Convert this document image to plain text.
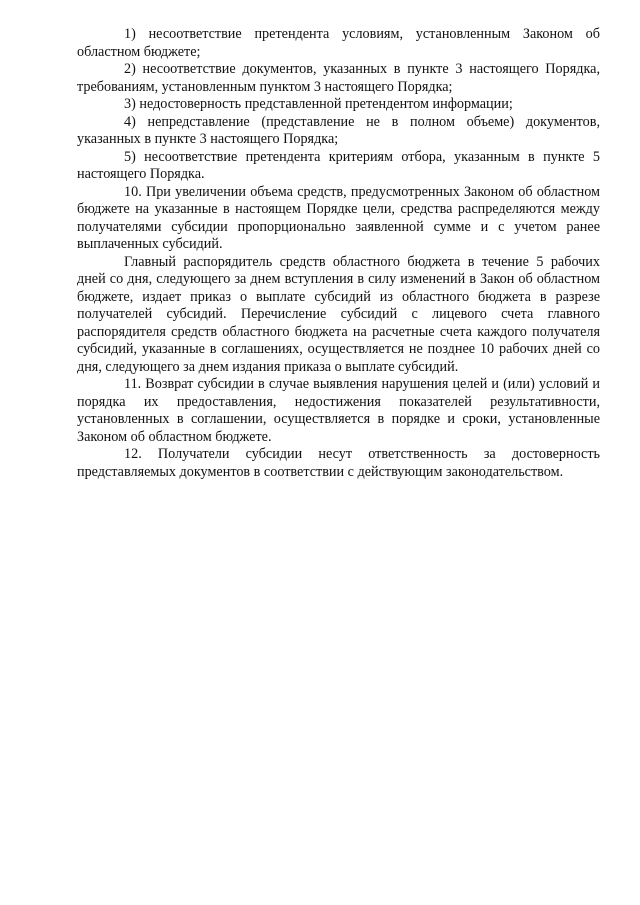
1) несоответствие претендента условиям, установленным Законом об областном бюджете;

2) несоответствие документов, указанных в пункте 3 настоящего Порядка, требованиям, установленным пунктом 3 настоящего Порядка;

3) недостоверность представленной претендентом информации;

4) непредставление (представление не в полном объеме) документов, указанных в пункте 3 настоящего Порядка;

5) несоответствие претендента критериям отбора, указанным в пункте 5 настоящего Порядка.

10. При увеличении объема средств, предусмотренных Законом об областном бюджете на указанные в настоящем Порядке цели, средства распределяются между получателями субсидии пропорционально заявленной сумме и с учетом ранее выплаченных субсидий.

Главный распорядитель средств областного бюджета в течение 5 рабочих дней со дня, следующего за днем вступления в силу изменений в Закон об областном бюджете, издает приказ о выплате субсидий из областного бюджета в разрезе получателей субсидий. Перечисление субсидий с лицевого счета главного распорядителя средств областного бюджета на расчетные счета каждого получателя субсидий, указанные в соглашениях, осуществляется не позднее 10 рабочих дней со дня, следующего за днем издания приказа о выплате субсидий.

11. Возврат субсидии в случае выявления нарушения целей и (или) условий и порядка их предоставления, недостижения показателей результативности, установленных в соглашении, осуществляется в порядке и сроки, установленные Законом об областном бюджете.

12. Получатели субсидии несут ответственность за достоверность представляемых документов в соответствии с действующим законодательством.
